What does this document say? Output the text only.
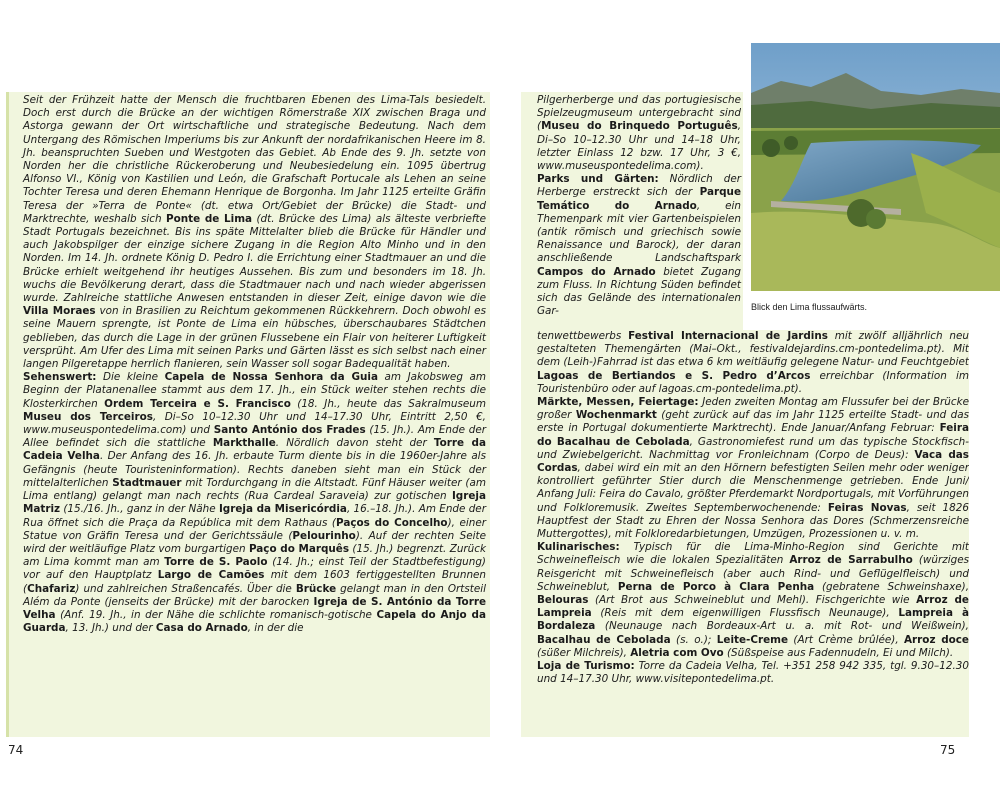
Seit der Frühzeit hatte der Mensch die fruchtbaren Ebenen des Lima-Tals besiedelt. Doch erst durch die Brücke an der wichtigen Römerstraße XIX zwischen Braga und Astorga gewann der Ort wirtschaftliche und strategische Bedeutung. Nach dem Untergang des Römischen Imperiums bis zur Ankunft der nordafrikanischen Heere im 8. Jh. beanspruchten Sueben und Westgoten das Gebiet. Ab Ende des 9. Jh. setzte von Norden her die christliche Rückeroberung und Neubesiedelung ein. 1095 übertrug Alfonso VI., König von Kastilien und León, die Grafschaft Portucale als Lehen an seine Tochter Teresa und deren Ehemann Henrique de Borgonha. Im Jahr 1125 erteilte Gräfin Teresa der »Terra de Ponte« (dt. etwa Ort/Gebiet der Brücke) die Stadt- und Marktrechte, weshalb sich Ponte de Lima (dt. Brücke des Lima) als älteste verbriefte Stadt Portugals bezeichnet. Bis ins späte Mittelalter blieb die Brücke für Händler und auch Jakobspilger der einzige sichere Zugang in die Region Alto Minho und in den Norden. Im 14. Jh. ordnete König D. Pedro I. die Errichtung einer Stadtmauer an und die Brücke erhielt weitgehend ihr heutiges Aussehen. Bis zum und besonders im 18. Jh. wuchs die Bevölkerung derart, dass die Stadtmauer nach und nach wieder abgerissen wurde. Zahlreiche stattliche Anwesen entstanden in dieser Zeit, einige davon wie die Villa Moraes von in Brasilien zu Reichtum gekommenen Rückkehrern. Doch obwohl es seine Mauern sprengte, ist Ponte de Lima ein hübsches, überschaubares Städtchen geblieben, das durch die Lage in der grünen Flussebene ein Flair von heiterer Luftigkeit versprüht. Am Ufer des Lima mit seinen Parks und Gärten lässt es sich selbst nach einer langen Pilgeretappe herrlich flanieren, sein Wasser soll sogar Badequalität haben.

Sehenswert: Die kleine Capela de Nossa Senhora da Guia am Jakobsweg am Beginn der Platanenallee stammt aus dem 17. Jh., ein Stück weiter stehen rechts die Klosterkirchen Ordem Terceira e S. Francisco (18. Jh., heute das Sakralmuseum Museu dos Terceiros, Di–So 10–12.30 Uhr und 14–17.30 Uhr, Eintritt 2,50 €, www.museuspontedelima.com) und Santo António dos Frades (15. Jh.). Am Ende der Allee befindet sich die stattliche Markthalle. Nördlich davon steht der Torre da Cadeia Velha. Der Anfang des 16. Jh. erbaute Turm diente bis in die 1960er-Jahre als Gefängnis (heute Touristeninformation). Rechts daneben sieht man ein Stück der mittelalterlichen Stadtmauer mit Tordurchgang in die Altstadt. Fünf Häuser weiter (am Lima entlang) gelangt man nach rechts (Rua Cardeal Saraveia) zur gotischen Igreja Matriz (15./16. Jh., ganz in der Nähe Igreja da Misericórdia, 16.–18. Jh.). Am Ende der Rua öffnet sich die Praça da República mit dem Rathaus (Paços do Concelho), einer Statue von Gräfin Teresa und der Gerichtssäule (Pelourinho). Auf der rechten Seite wird der weitläufige Platz vom burgartigen Paço do Marquês (15. Jh.) begrenzt. Zurück am Lima kommt man am Torre de S. Paolo (14. Jh.; einst Teil der Stadtbefestigung) vor auf den Hauptplatz Largo de Camões mit dem 1603 fertiggestellten Brunnen (Chafariz) und zahlreichen Straßencafés. Über die Brücke gelangt man in den Ortsteil Além da Ponte (jenseits der Brücke) mit der barocken Igreja de S. António da Torre Velha (Anf. 19. Jh., in der Nähe die schlichte romanisch-gotische Capela do Anjo da Guarda, 13. Jh.) und der Casa do Arnado, in der die

74

Pilgerherberge und das portugiesische Spielzeugmuseum untergebracht sind (Museu do Brinquedo Português, Di–So 10–12.30 Uhr und 14–18 Uhr, letzter Einlass 12 bzw. 17 Uhr, 3 €, www.museuspontedelima.com).

Parks und Gärten: Nördlich der Herberge erstreckt sich der Parque Temático do Arnado, ein Themenpark mit vier Gartenbeispielen (antik römisch und griechisch sowie Renaissance und Barock), der daran anschließende Landschaftspark Campos do Arnado bietet Zugang zum Fluss. In Richtung Süden befindet sich das Gelände des internationalen Gar-

tenwettbewerbs Festival Internacional de Jardins mit zwölf alljährlich neu gestalteten Themengärten (Mai–Okt., festivaldejardins.cm-pontedelima.pt). Mit dem (Leih-)Fahrrad ist das etwa 6 km weitläufig gelegene Natur- und Feuchtgebiet Lagoas de Bertiandos e S. Pedro d’Arcos erreichbar (Information im Touristenbüro oder auf lagoas.cm-pontedelima.pt).

Märkte, Messen, Feiertage: Jeden zweiten Montag am Flussufer bei der Brücke großer Wochenmarkt (geht zurück auf das im Jahr 1125 erteilte Stadt- und das erste in Portugal dokumentierte Marktrecht). Ende Januar/Anfang Februar: Feira do Bacalhau de Cebolada, Gastronomiefest rund um das typische Stockfisch- und Zwiebelgericht. Nachmittag vor Fronleichnam (Corpo de Deus): Vaca das Cordas, dabei wird ein mit an den Hörnern befestigten Seilen mehr oder weniger kontrolliert geführter Stier durch die Menschenmenge getrieben. Ende Juni/ Anfang Juli: Feira do Cavalo, größter Pferdemarkt Nordportugals, mit Vorführungen und Folkloremusik. Zweites Septemberwochenende: Feiras Novas, seit 1826 Hauptfest der Stadt zu Ehren der Nossa Senhora das Dores (Schmerzensreiche Muttergottes), mit Folkloredarbietungen, Umzügen, Prozessionen u. v. m.

Kulinarisches: Typisch für die Lima-Minho-Region sind Gerichte mit Schweinefleisch wie die lokalen Spezialitäten Arroz de Sarrabulho (würziges Reisgericht mit Schweinefleisch (aber auch Rind- und Geflügelfleisch) und Schweineblut, Perna de Porco à Clara Penha (gebratene Schweinshaxe), Belouras (Art Brot aus Schweineblut und Mehl). Fischgerichte wie Arroz de Lampreia (Reis mit dem eigenwilligen Flussfisch Neunauge), Lampreia à Bordaleza (Neunauge nach Bordeaux-Art u. a. mit Rot- und Weißwein), Bacalhau de Cebolada (s. o.); Leite-Creme (Art Crème brûlée), Arroz doce (süßer Milchreis), Aletria com Ovo (Süßspeise aus Fadennudeln, Ei und Milch).

Loja de Turismo: Torre da Cadeia Velha, Tel. +351 258 942 335, tgl. 9.30–12.30 und 14–17.30 Uhr, www.visitepontedelima.pt.

Blick den Lima flussaufwärts.
75
